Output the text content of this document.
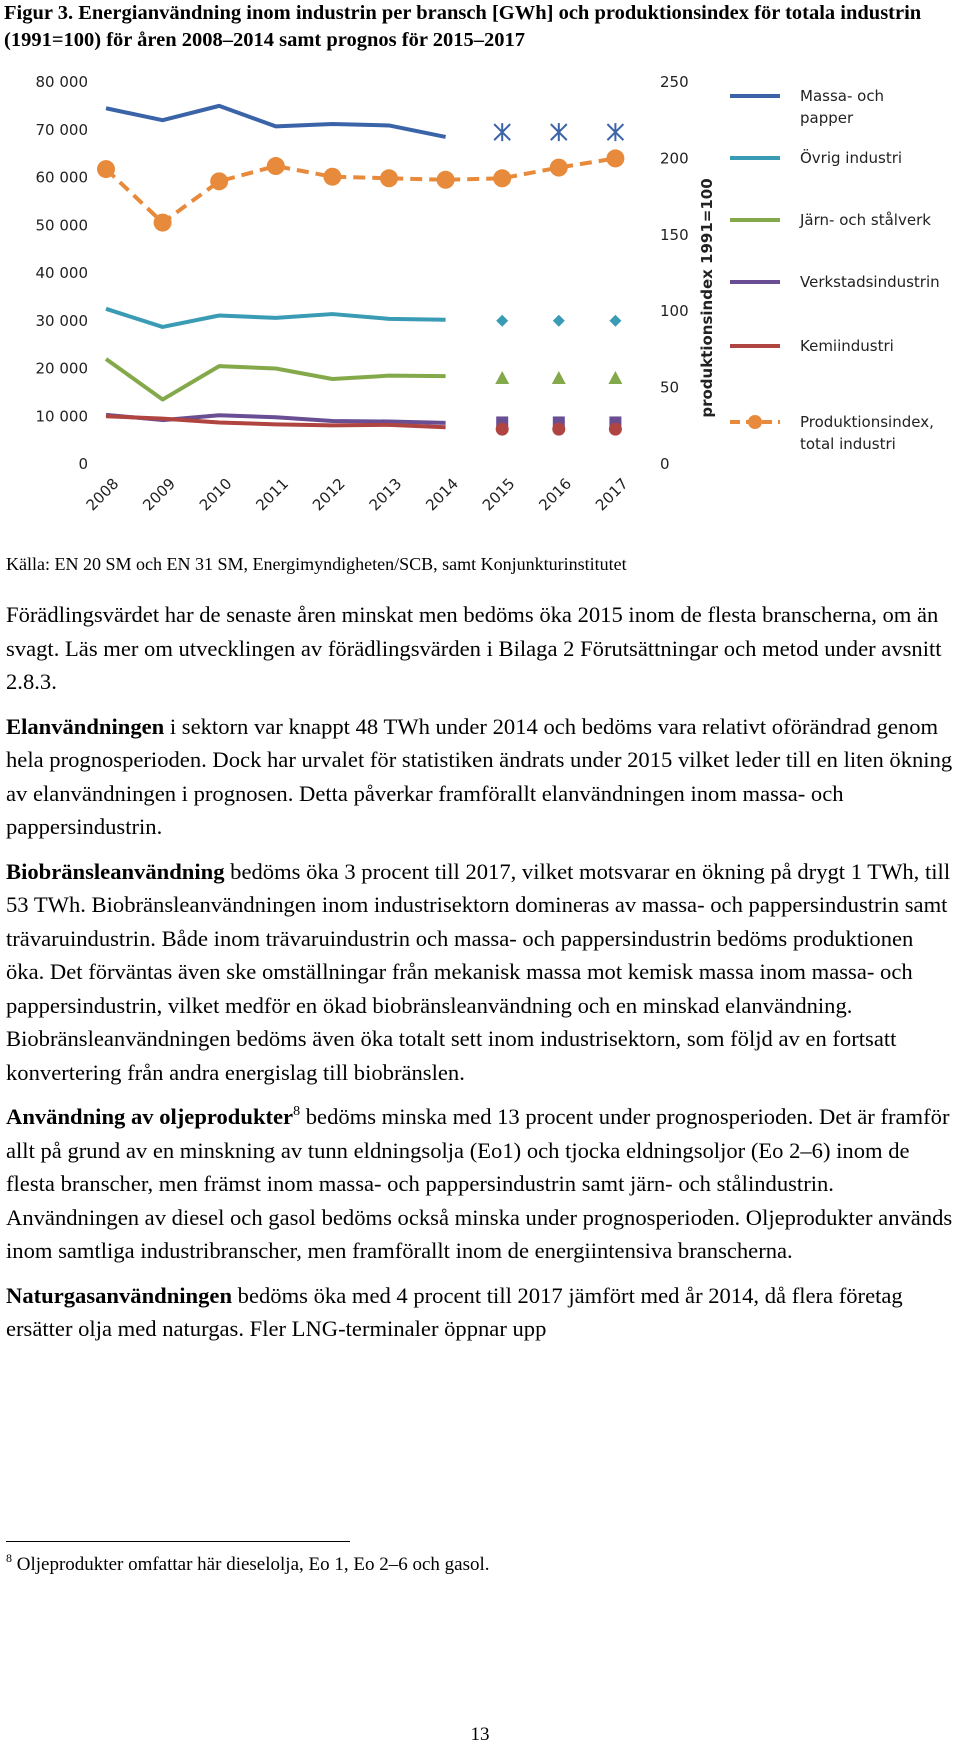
Figur 3. Energianvändning inom industrin per bransch [GWh] och produktionsindex för totala industrin (1991=100) för åren 2008–2014 samt prognos för 2015–2017
80 000
70 000
60 000
50 000
40 000
30 000
20 000
10 000
0
250
200
150
100
50
0
2008 2009 2010 2011 2012 2013 2014 2015 2016 2017
produktionsindex 1991=100
Massa- och papper
Övrig industri
Järn- och stålverk
Verkstadsindustrin
Kemiindustri
Produktionsindex, total industri
Källa: EN 20 SM och EN 31 SM, Energimyndigheten/SCB, samt Konjunkturinstitutet

Förädlingsvärdet har de senaste åren minskat men bedöms öka 2015 inom de flesta branscherna, om än svagt. Läs mer om utvecklingen av förädlingsvärden i Bilaga 2 Förutsättningar och metod under avsnitt 2.8.3.

Elanvändningen i sektorn var knappt 48 TWh under 2014 och bedöms vara relativt oförändrad genom hela prognosperioden. Dock har urvalet för statistiken ändrats under 2015 vilket leder till en liten ökning av elanvändningen i prognosen. Detta påverkar framförallt elanvändningen inom massa- och pappersindustrin.

Biobränsleanvändning bedöms öka 3 procent till 2017, vilket motsvarar en ökning på drygt 1 TWh, till 53 TWh. Biobränsleanvändningen inom industrisektorn domineras av massa- och pappersindustrin samt trävaruindustrin. Både inom trävaruindustrin och massa- och pappersindustrin bedöms produktionen öka. Det förväntas även ske omställningar från mekanisk massa mot kemisk massa inom massa- och pappersindustrin, vilket medför en ökad biobränsleanvändning och en minskad elanvändning. Biobränsleanvändningen bedöms även öka totalt sett inom industrisektorn, som följd av en fortsatt konvertering från andra energislag till biobränslen.

Användning av oljeprodukter$^8$ bedöms minska med 13 procent under prognosperioden. Det är framför allt på grund av en minskning av tunn eldningsolja (Eo1) och tjocka eldningsoljor (Eo 2–6) inom de flesta branscher, men främst inom massa- och pappersindustrin samt järn- och stålindustrin. Användningen av diesel och gasol bedöms också minska under prognosperioden. Oljeprodukter används inom samtliga industribranscher, men framförallt inom de energiintensiva branscherna.

Naturgasanvändningen bedöms öka med 4 procent till 2017 jämfört med år 2014, då flera företag ersätter olja med naturgas. Fler LNG-terminaler öppnar upp

$^8$ Oljeprodukter omfattar här dieselolja, Eo 1, Eo 2–6 och gasol.
13
